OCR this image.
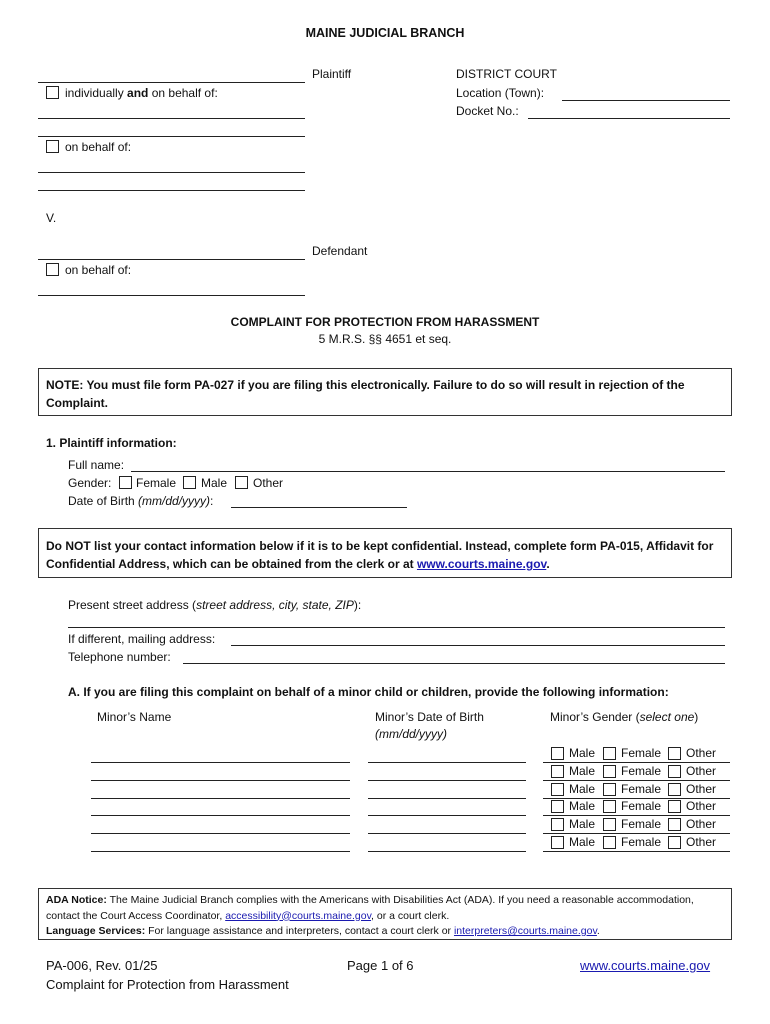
MAINE JUDICIAL BRANCH
Plaintiff
individually and on behalf of:
on behalf of:
V.
Defendant
on behalf of:
DISTRICT COURT
Location (Town):
Docket No.:
COMPLAINT FOR PROTECTION FROM HARASSMENT
5 M.R.S. §§ 4651 et seq.
NOTE: You must file form PA-027 if you are filing this electronically. Failure to do so will result in rejection of the Complaint.
1. Plaintiff information:
Full name:
Gender: Female Male Other
Date of Birth (mm/dd/yyyy):
Do NOT list your contact information below if it is to be kept confidential. Instead, complete form PA-015, Affidavit for Confidential Address, which can be obtained from the clerk or at www.courts.maine.gov.
Present street address (street address, city, state, ZIP):
If different, mailing address:
Telephone number:
A. If you are filing this complaint on behalf of a minor child or children, provide the following information:
Minor’s Name	Minor’s Date of Birth
(mm/dd/yyyy)
Minor’s Gender (select one)
Male Female Other
Male Female Other
Male Female Other
Male Female Other
Male Female Other
Male Female Other
ADA Notice: The Maine Judicial Branch complies with the Americans with Disabilities Act (ADA). If you need a reasonable accommodation, contact the Court Access Coordinator, accessibility@courts.maine.gov, or a court clerk.
Language Services: For language assistance and interpreters, contact a court clerk or interpreters@courts.maine.gov.
PA-006, Rev. 01/25
Complaint for Protection from Harassment
Page 1 of 6	www.courts.maine.gov
